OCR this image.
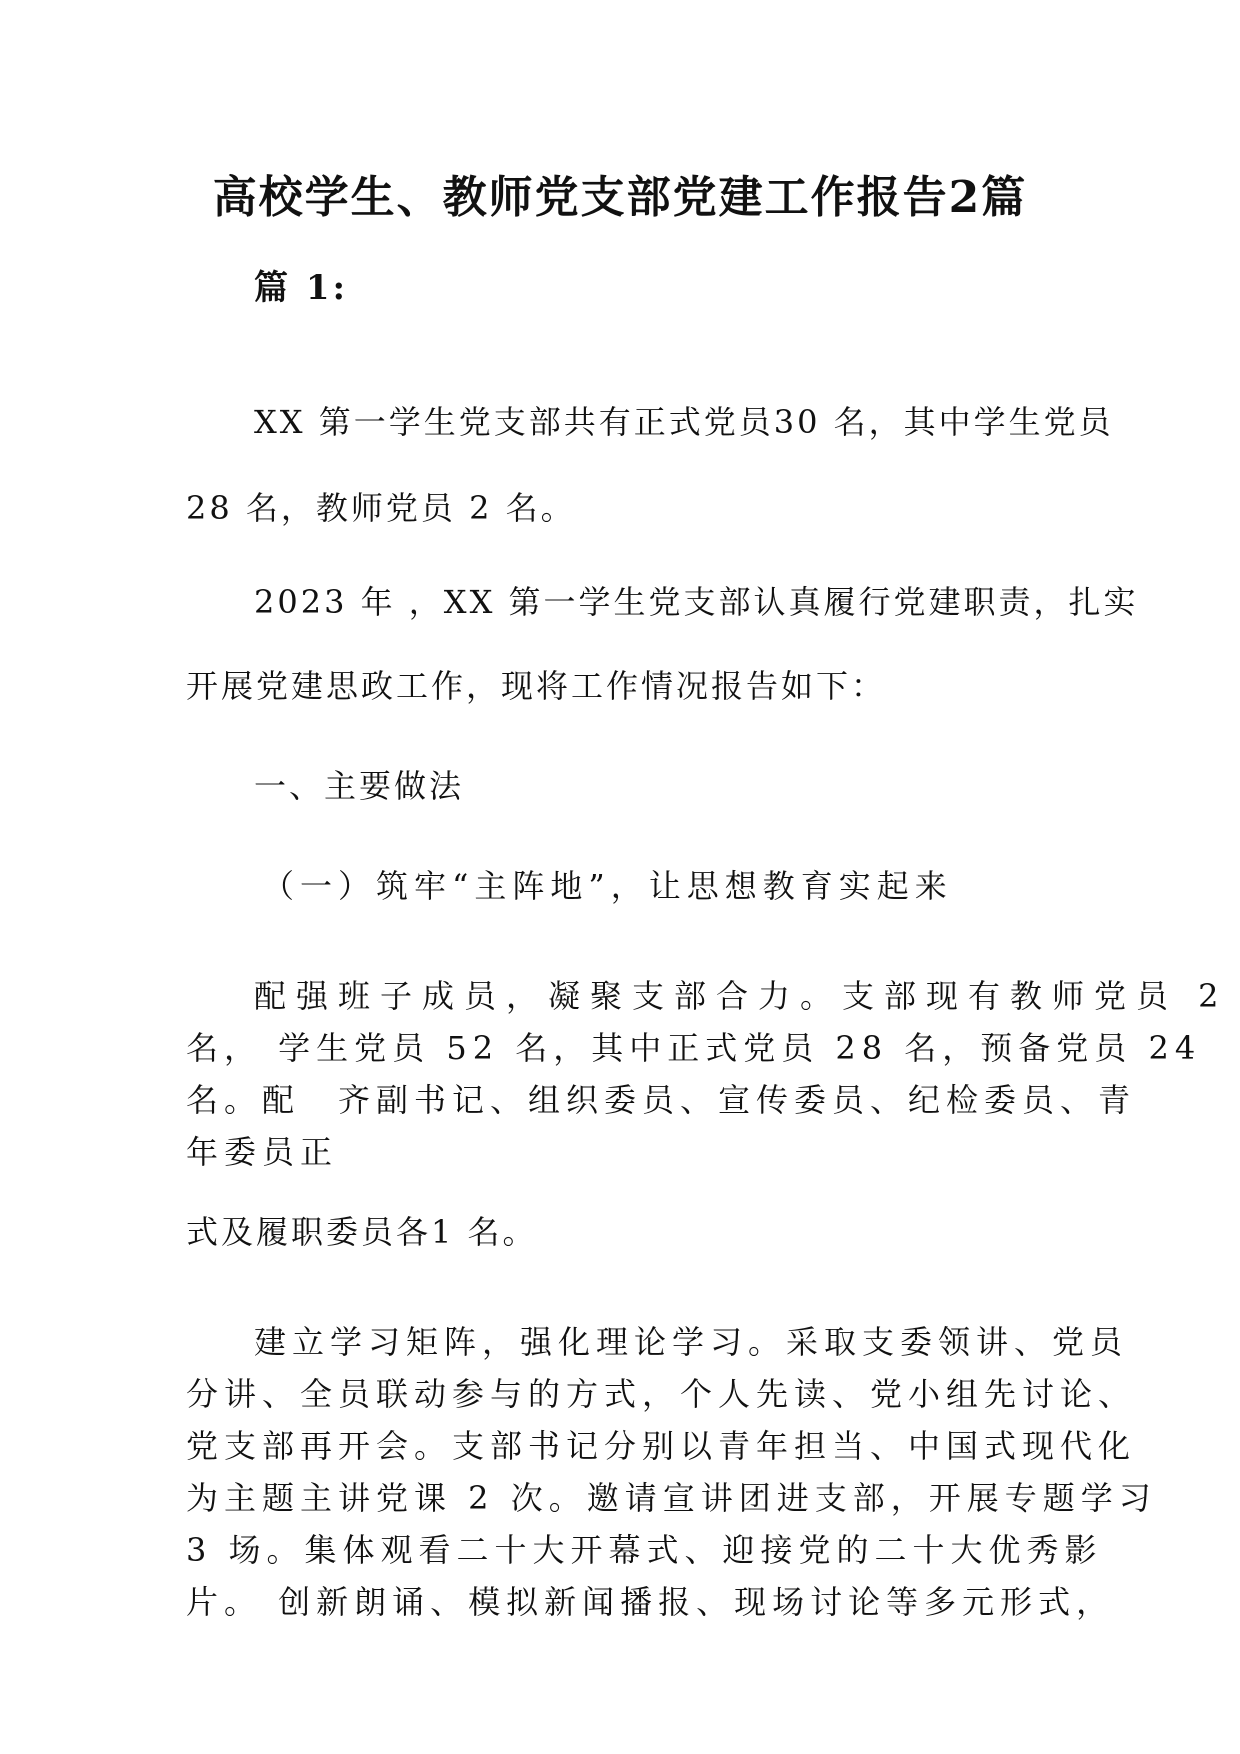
高校学生、教师党支部党建工作报告2篇
篇 1:
XX 第一学生党支部共有正式党员30 名，其中学生党员
28 名，教师党员 2 名。
2023 年 ，XX 第一学生党支部认真履行党建职责，扎实
开展党建思政工作，现将工作情况报告如下：
一、主要做法
（一）筑牢“主阵地”，让思想教育实起来
配强班子成员，凝聚支部合力。支部现有教师党员 2
名， 学生党员 52 名，其中正式党员 28 名，预备党员 24
名。配　齐副书记、组织委员、宣传委员、纪检委员、青
年委员正
式及履职委员各1 名。
建立学习矩阵，强化理论学习。采取支委领讲、党员
分讲、全员联动参与的方式，个人先读、党小组先讨论、
党支部再开会。支部书记分别以青年担当、中国式现代化
为主题主讲党课 2 次。邀请宣讲团进支部，开展专题学习
3 场。集体观看二十大开幕式、迎接党的二十大优秀影
片。 创新朗诵、模拟新闻播报、现场讨论等多元形式，
